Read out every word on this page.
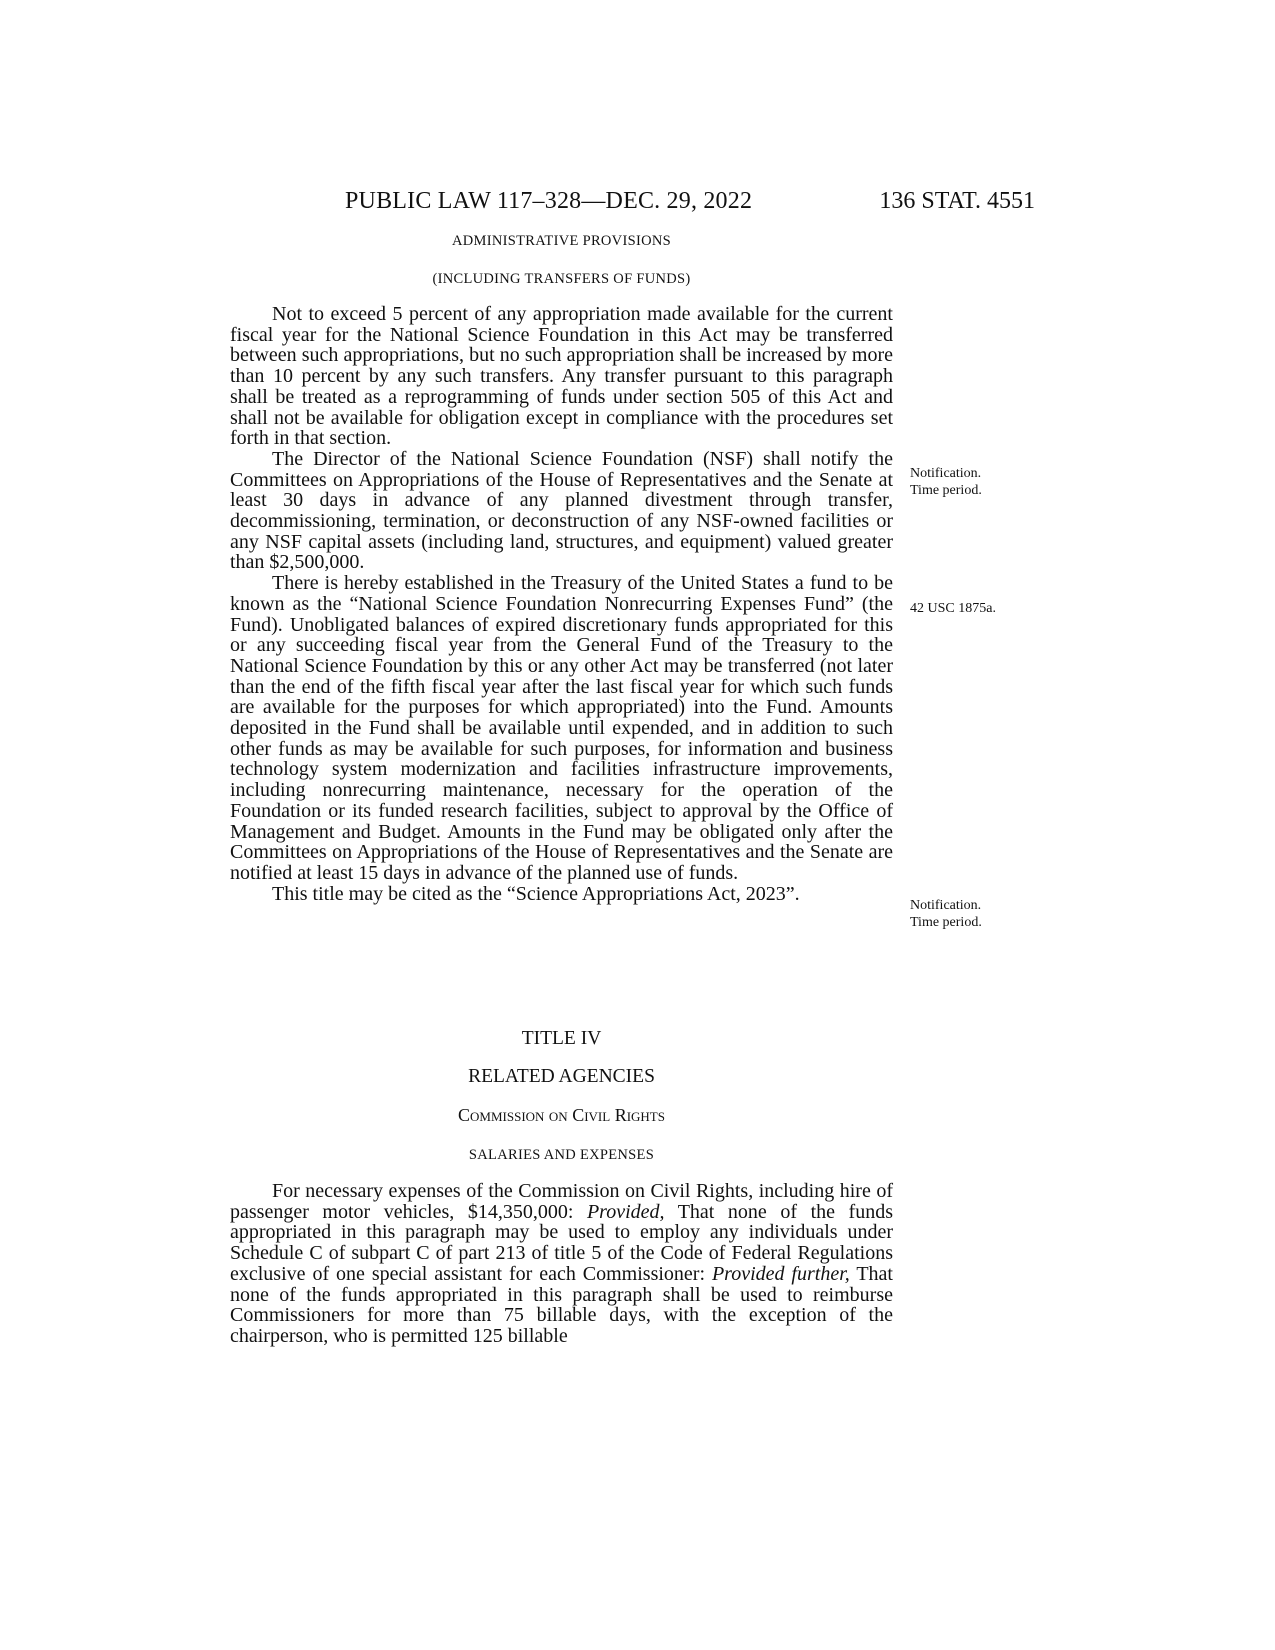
PUBLIC LAW 117–328—DEC. 29, 2022	136 STAT. 4551
ADMINISTRATIVE PROVISIONS
(INCLUDING TRANSFERS OF FUNDS)

Not to exceed 5 percent of any appropriation made available for the current fiscal year for the National Science Foundation in this Act may be transferred between such appropriations, but no such appropriation shall be increased by more than 10 percent by any such transfers. Any transfer pursuant to this paragraph shall be treated as a reprogramming of funds under section 505 of this Act and shall not be available for obligation except in compliance with the procedures set forth in that section.

The Director of the National Science Foundation (NSF) shall notify the Committees on Appropriations of the House of Representatives and the Senate at least 30 days in advance of any planned divestment through transfer, decommissioning, termination, or deconstruction of any NSF-owned facilities or any NSF capital assets (including land, structures, and equipment) valued greater than $2,500,000.

There is hereby established in the Treasury of the United States a fund to be known as the “National Science Foundation Nonrecurring Expenses Fund” (the Fund). Unobligated balances of expired discretionary funds appropriated for this or any succeeding fiscal year from the General Fund of the Treasury to the National Science Foundation by this or any other Act may be transferred (not later than the end of the fifth fiscal year after the last fiscal year for which such funds are available for the purposes for which appropriated) into the Fund. Amounts deposited in the Fund shall be available until expended, and in addition to such other funds as may be available for such purposes, for information and business technology system modernization and facilities infrastructure improvements, including nonrecurring maintenance, necessary for the operation of the Foundation or its funded research facilities, subject to approval by the Office of Management and Budget. Amounts in the Fund may be obligated only after the Committees on Appropriations of the House of Representatives and the Senate are notified at least 15 days in advance of the planned use of funds.

This title may be cited as the “Science Appropriations Act, 2023”.

Notification.
Time period.
42 USC 1875a.
Notification.
Time period.
TITLE IV
RELATED AGENCIES
Commission on Civil Rights
SALARIES AND EXPENSES

For necessary expenses of the Commission on Civil Rights, including hire of passenger motor vehicles, $14,350,000: Provided, That none of the funds appropriated in this paragraph may be used to employ any individuals under Schedule C of subpart C of part 213 of title 5 of the Code of Federal Regulations exclusive of one special assistant for each Commissioner: Provided further, That none of the funds appropriated in this paragraph shall be used to reimburse Commissioners for more than 75 billable days, with the exception of the chairperson, who is permitted 125 billable
